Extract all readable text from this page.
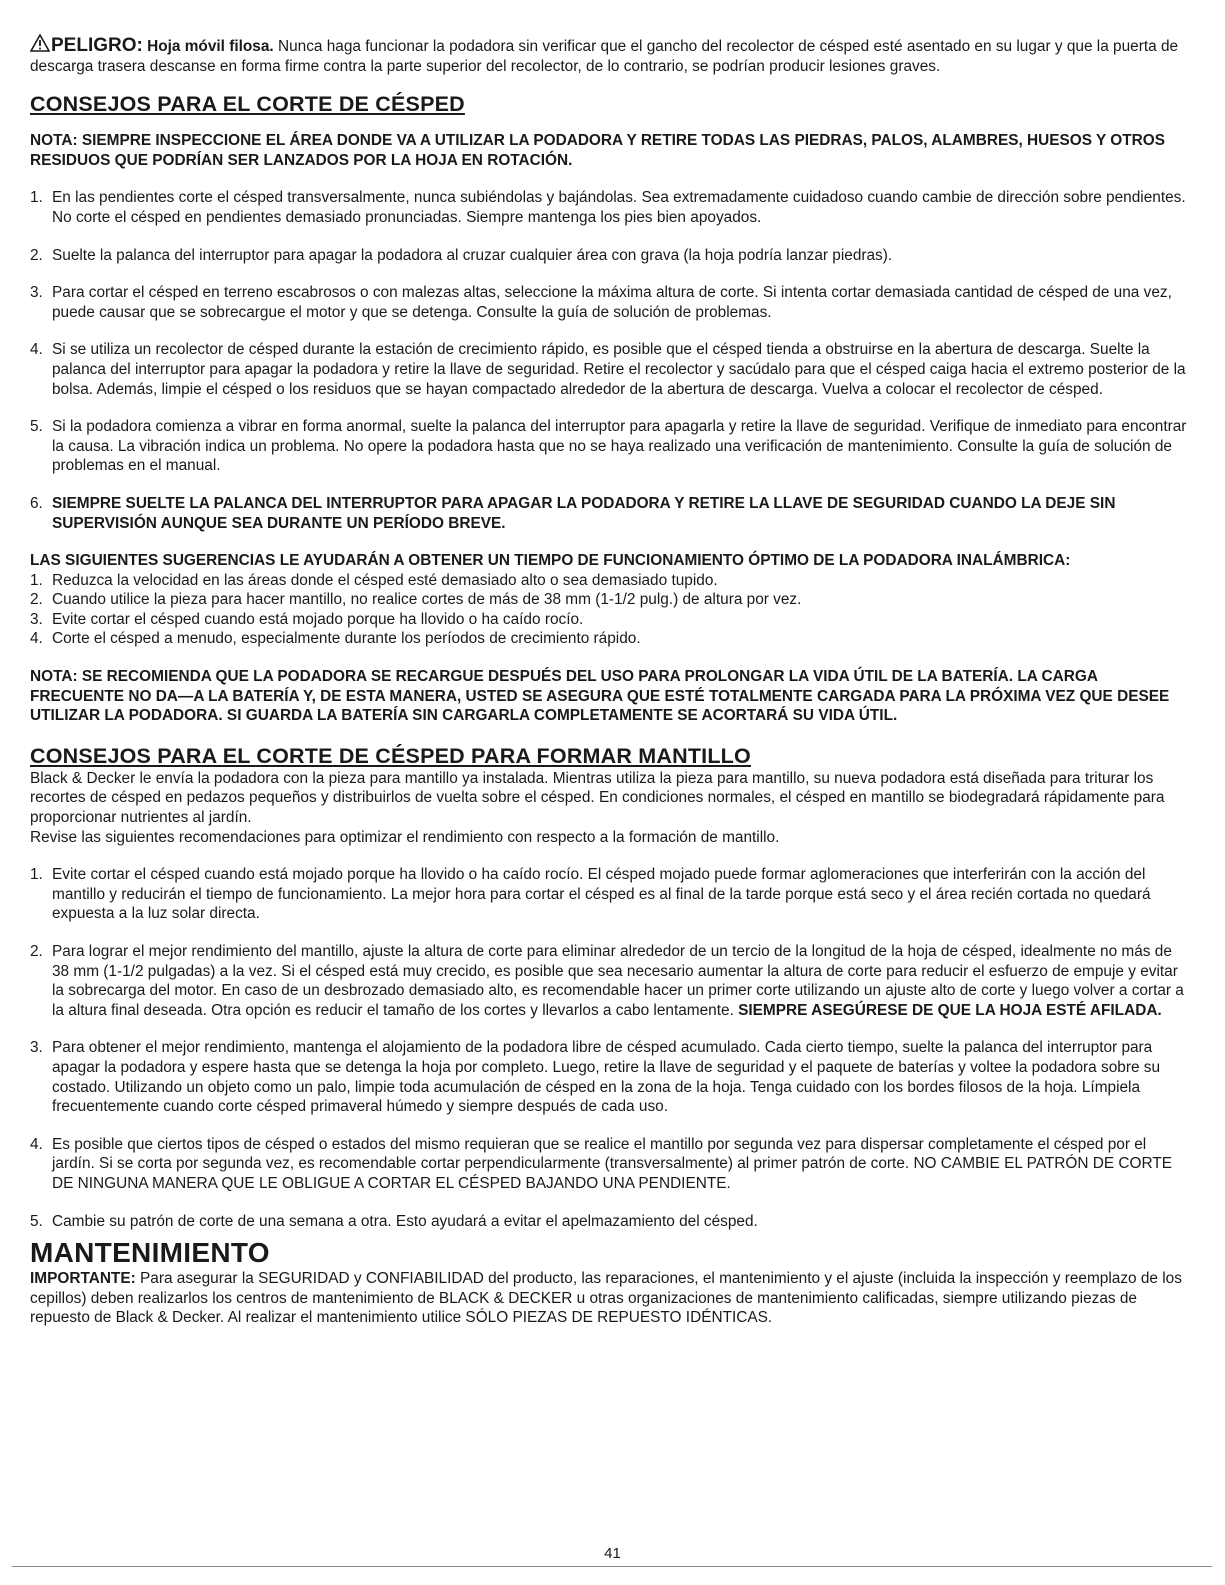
PELIGRO: Hoja móvil filosa. Nunca haga funcionar la podadora sin verificar que el gancho del recolector de césped esté asentado en su lugar y que la puerta de descarga trasera descanse en forma firme contra la parte superior del recolector, de lo contrario, se podrían producir lesiones graves.

CONSEJOS PARA EL CORTE DE CÉSPED

NOTA: SIEMPRE INSPECCIONE EL ÁREA DONDE VA A UTILIZAR LA PODADORA Y RETIRE TODAS LAS PIEDRAS, PALOS, ALAMBRES, HUESOS Y OTROS RESIDUOS QUE PODRÍAN SER LANZADOS POR LA HOJA EN ROTACIÓN.

1. En las pendientes corte el césped transversalmente, nunca subiéndolas y bajándolas. Sea extremadamente cuidadoso cuando cambie de dirección sobre pendientes. No corte el césped en pendientes demasiado pronunciadas. Siempre mantenga los pies bien apoyados.
2. Suelte la palanca del interruptor para apagar la podadora al cruzar cualquier área con grava (la hoja podría lanzar piedras).
3. Para cortar el césped en terreno escabrosos o con malezas altas, seleccione la máxima altura de corte. Si intenta cortar demasiada cantidad de césped de una vez, puede causar que se sobrecargue el motor y que se detenga. Consulte la guía de solución de problemas.
4. Si se utiliza un recolector de césped durante la estación de crecimiento rápido, es posible que el césped tienda a obstruirse en la abertura de descarga. Suelte la palanca del interruptor para apagar la podadora y retire la llave de seguridad. Retire el recolector y sacúdalo para que el césped caiga hacia el extremo posterior de la bolsa. Además, limpie el césped o los residuos que se hayan compactado alrededor de la abertura de descarga. Vuelva a colocar el recolector de césped.
5. Si la podadora comienza a vibrar en forma anormal, suelte la palanca del interruptor para apagarla y retire la llave de seguridad. Verifique de inmediato para encontrar la causa. La vibración indica un problema. No opere la podadora hasta que no se haya realizado una verificación de mantenimiento. Consulte la guía de solución de problemas en el manual.
6. SIEMPRE SUELTE LA PALANCA DEL INTERRUPTOR PARA APAGAR LA PODADORA Y RETIRE LA LLAVE DE SEGURIDAD CUANDO LA DEJE SIN SUPERVISIÓN AUNQUE SEA DURANTE UN PERÍODO BREVE.

LAS SIGUIENTES SUGERENCIAS LE AYUDARÁN A OBTENER UN TIEMPO DE FUNCIONAMIENTO ÓPTIMO DE LA PODADORA INALÁMBRICA:

1. Reduzca la velocidad en las áreas donde el césped esté demasiado alto o sea demasiado tupido.
2. Cuando utilice la pieza para hacer mantillo, no realice cortes de más de 38 mm (1-1/2 pulg.) de altura por vez.
3. Evite cortar el césped cuando está mojado porque ha llovido o ha caído rocío.
4. Corte el césped a menudo, especialmente durante los períodos de crecimiento rápido.

NOTA: SE RECOMIENDA QUE LA PODADORA SE RECARGUE DESPUÉS DEL USO PARA PROLONGAR LA VIDA ÚTIL DE LA BATERÍA. LA CARGA FRECUENTE NO DA—A LA BATERÍA Y, DE ESTA MANERA, USTED SE ASEGURA QUE ESTÉ TOTALMENTE CARGADA PARA LA PRÓXIMA VEZ QUE DESEE UTILIZAR LA PODADORA. SI GUARDA LA BATERÍA SIN CARGARLA COMPLETAMENTE SE ACORTARÁ SU VIDA ÚTIL.

CONSEJOS PARA EL CORTE DE CÉSPED PARA FORMAR MANTILLO

Black & Decker le envía la podadora con la pieza para mantillo ya instalada. Mientras utiliza la pieza para mantillo, su nueva podadora está diseñada para triturar los recortes de césped en pedazos pequeños y distribuirlos de vuelta sobre el césped. En condiciones normales, el césped en mantillo se biodegradará rápidamente para proporcionar nutrientes al jardín.

Revise las siguientes recomendaciones para optimizar el rendimiento con respecto a la formación de mantillo.

1. Evite cortar el césped cuando está mojado porque ha llovido o ha caído rocío. El césped mojado puede formar aglomeraciones que interferirán con la acción del mantillo y reducirán el tiempo de funcionamiento. La mejor hora para cortar el césped es al final de la tarde porque está seco y el área recién cortada no quedará expuesta a la luz solar directa.
2. Para lograr el mejor rendimiento del mantillo, ajuste la altura de corte para eliminar alrededor de un tercio de la longitud de la hoja de césped, idealmente no más de 38 mm (1-1/2 pulgadas) a la vez. Si el césped está muy crecido, es posible que sea necesario aumentar la altura de corte para reducir el esfuerzo de empuje y evitar la sobrecarga del motor. En caso de un desbrozado demasiado alto, es recomendable hacer un primer corte utilizando un ajuste alto de corte y luego volver a cortar a la altura final deseada. Otra opción es reducir el tamaño de los cortes y llevarlos a cabo lentamente. SIEMPRE ASEGÚRESE DE QUE LA HOJA ESTÉ AFILADA.
3. Para obtener el mejor rendimiento, mantenga el alojamiento de la podadora libre de césped acumulado. Cada cierto tiempo, suelte la palanca del interruptor para apagar la podadora y espere hasta que se detenga la hoja por completo. Luego, retire la llave de seguridad y el paquete de baterías y voltee la podadora sobre su costado. Utilizando un objeto como un palo, limpie toda acumulación de césped en la zona de la hoja. Tenga cuidado con los bordes filosos de la hoja. Límpiela frecuentemente cuando corte césped primaveral húmedo y siempre después de cada uso.
4. Es posible que ciertos tipos de césped o estados del mismo requieran que se realice el mantillo por segunda vez para dispersar completamente el césped por el jardín. Si se corta por segunda vez, es recomendable cortar perpendicularmente (transversalmente) al primer patrón de corte. NO CAMBIE EL PATRÓN DE CORTE DE NINGUNA MANERA QUE LE OBLIGUE A CORTAR EL CÉSPED BAJANDO UNA PENDIENTE.
5. Cambie su patrón de corte de una semana a otra. Esto ayudará a evitar el apelmazamiento del césped.
MANTENIMIENTO

IMPORTANTE: Para asegurar la SEGURIDAD y CONFIABILIDAD del producto, las reparaciones, el mantenimiento y el ajuste (incluida la inspección y reemplazo de los cepillos) deben realizarlos los centros de mantenimiento de BLACK & DECKER u otras organizaciones de mantenimiento calificadas, siempre utilizando piezas de repuesto de Black & Decker. Al realizar el mantenimiento utilice SÓLO PIEZAS DE REPUESTO IDÉNTICAS.

41
